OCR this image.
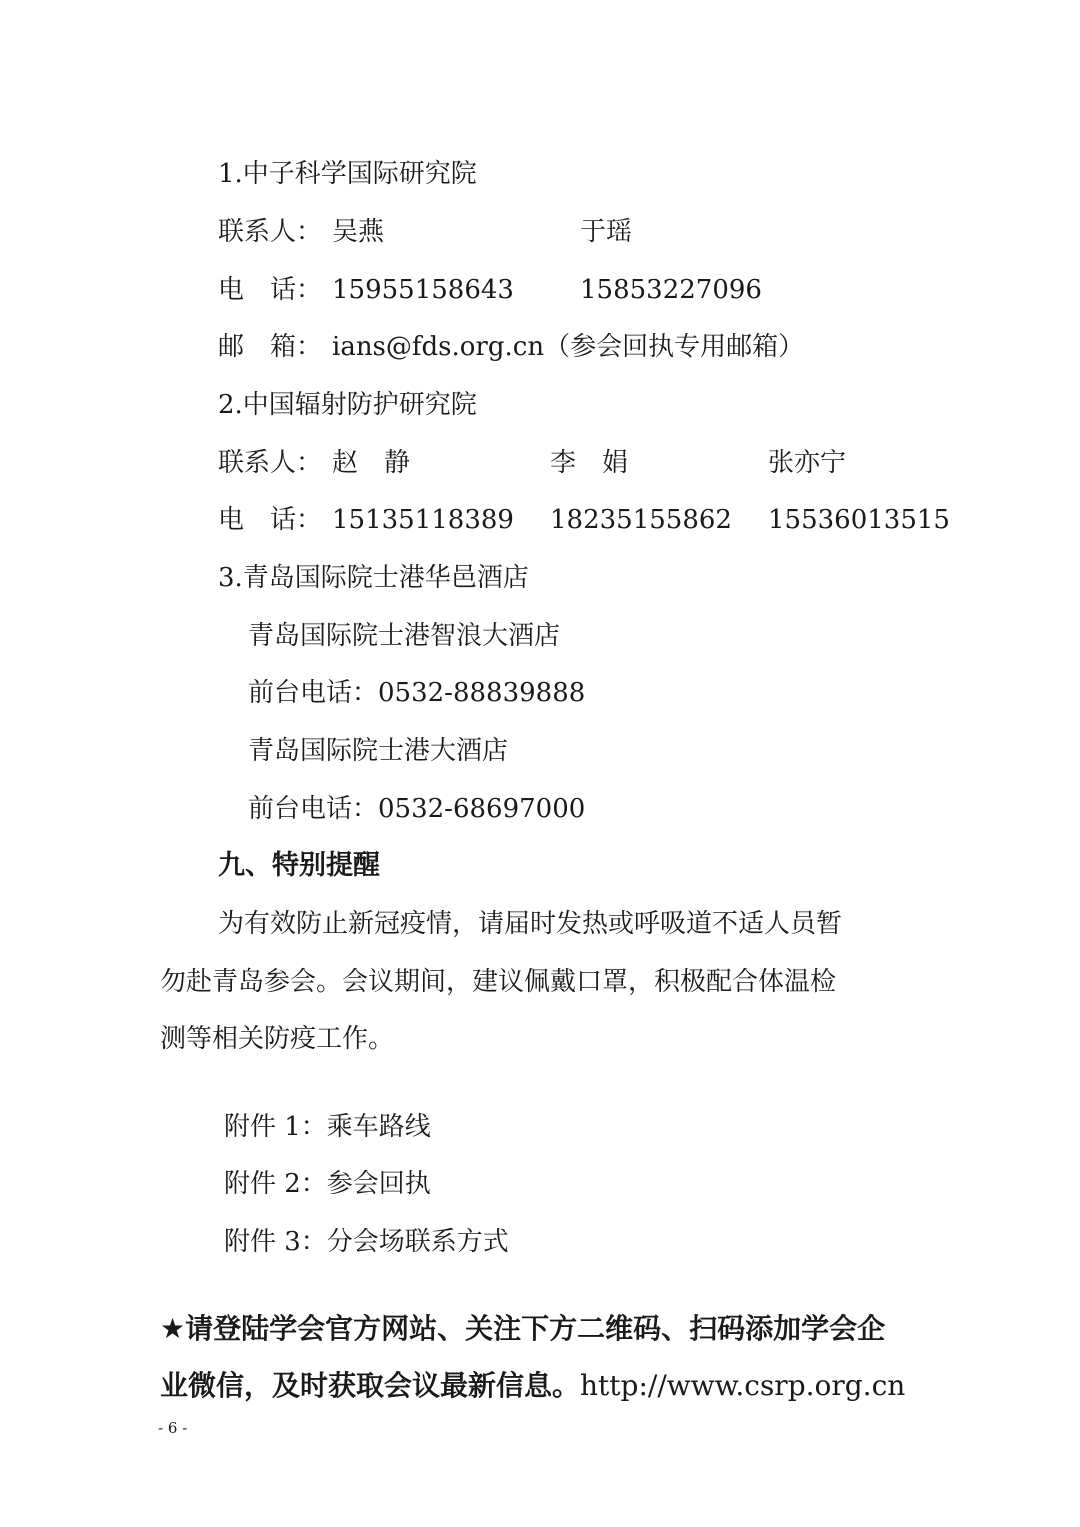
1.中子科学国际研究院
联系人： 吴燕	于瑶
电　话： 15955158643	15853227096
邮　箱： ians@fds.org.cn（参会回执专用邮箱）
2.中国辐射防护研究院
联系人： 赵　静	李　娟	张亦宁
电　话： 15135118389 18235155862 15536013515
3.青岛国际院士港华邑酒店
青岛国际院士港智浪大酒店
前台电话：0532-88839888
青岛国际院士港大酒店
前台电话：0532-68697000
九、特别提醒
为有效防止新冠疫情，请届时发热或呼吸道不适人员暂
勿赴青岛参会。会议期间，建议佩戴口罩，积极配合体温检
测等相关防疫工作。
附件 1：乘车路线
附件 2：参会回执
附件 3：分会场联系方式
★请登陆学会官方网站、关注下方二维码、扫码添加学会企
业微信，及时获取会议最新信息。http://www.csrp.org.cn
- 6 -
